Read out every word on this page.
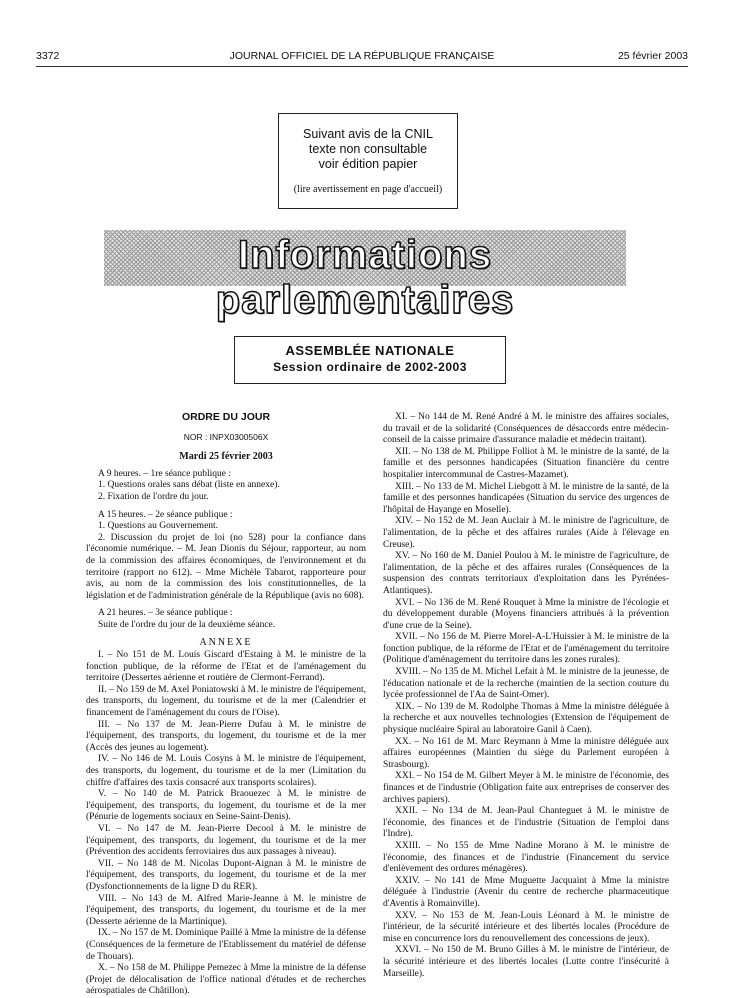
3372	JOURNAL OFFICIEL DE LA RÉPUBLIQUE FRANÇAISE	25 février 2003
Suivant avis de la CNIL
texte non consultable
voir édition papier
(lire avertissement en page d'accueil)
Informations parlementaires
ASSEMBLÉE NATIONALE
Session ordinaire de 2002-2003
ORDRE DU JOUR
NOR : INPX0300506X
Mardi 25 février 2003

A 9 heures. – 1re séance publique :

1. Questions orales sans débat (liste en annexe).

2. Fixation de l'ordre du jour.

A 15 heures. – 2e séance publique :

1. Questions au Gouvernement.

2. Discussion du projet de loi (no 528) pour la confiance dans l'économie numérique. – M. Jean Dionis du Séjour, rapporteur, au nom de la commission des affaires économiques, de l'environnement et du territoire (rapport no 612). – Mme Michèle Tabarot, rapporteure pour avis, au nom de la commission des lois constitutionnelles, de la législation et de l'administration générale de la République (avis no 608).

A 21 heures. – 3e séance publique :

Suite de l'ordre du jour de la deuxième séance.

ANNEXE

I. – No 151 de M. Louis Giscard d'Estaing à M. le ministre de la fonction publique, de la réforme de l'Etat et de l'aménagement du territoire (Dessertes aérienne et routière de Clermont-Ferrand).

II. – No 159 de M. Axel Poniatowski à M. le ministre de l'équipement, des transports, du logement, du tourisme et de la mer (Calendrier et financement de l'aménagement du cours de l'Oise).

III. – No 137 de M. Jean-Pierre Dufau à M. le ministre de l'équipement, des transports, du logement, du tourisme et de la mer (Accès des jeunes au logement).

IV. – No 146 de M. Louis Cosyns à M. le ministre de l'équipement, des transports, du logement, du tourisme et de la mer (Limitation du chiffre d'affaires des taxis consacré aux transports scolaires).

V. – No 140 de M. Patrick Braouezec à M. le ministre de l'équipement, des transports, du logement, du tourisme et de la mer (Pénurie de logements sociaux en Seine-Saint-Denis).

VI. – No 147 de M. Jean-Pierre Decool à M. le ministre de l'équipement, des transports, du logement, du tourisme et de la mer (Prévention des accidents ferroviaires dus aux passages à niveau).

VII. – No 148 de M. Nicolas Dupont-Aignan à M. le ministre de l'équipement, des transports, du logement, du tourisme et de la mer (Dysfonctionnements de la ligne D du RER).

VIII. – No 143 de M. Alfred Marie-Jeanne à M. le ministre de l'équipement, des transports, du logement, du tourisme et de la mer (Desserte aérienne de la Martinique).

IX. – No 157 de M. Dominique Paillé à Mme la ministre de la défense (Conséquences de la fermeture de l'Etablissement du matériel de défense de Thouars).

X. – No 158 de M. Philippe Pemezec à Mme la ministre de la défense (Projet de délocalisation de l'office national d'études et de recherches aérospatiales de Châtillon).

XI. – No 144 de M. René André à M. le ministre des affaires sociales, du travail et de la solidarité (Conséquences de désaccords entre médecin-conseil de la caisse primaire d'assurance maladie et médecin traitant).

XII. – No 138 de M. Philippe Folliot à M. le ministre de la santé, de la famille et des personnes handicapées (Situation financière du centre hospitalier intercommunal de Castres-Mazamet).

XIII. – No 133 de M. Michel Liebgott à M. le ministre de la santé, de la famille et des personnes handicapées (Situation du service des urgences de l'hôpital de Hayange en Moselle).

XIV. – No 152 de M. Jean Auclair à M. le ministre de l'agriculture, de l'alimentation, de la pêche et des affaires rurales (Aide à l'élevage en Creuse).

XV. – No 160 de M. Daniel Poulou à M. le ministre de l'agriculture, de l'alimentation, de la pêche et des affaires rurales (Conséquences de la suspension des contrats territoriaux d'exploitation dans les Pyrénées-Atlantiques).

XVI. – No 136 de M. René Rouquet à Mme la ministre de l'écologie et du développement durable (Moyens financiers attribués à la prévention d'une crue de la Seine).

XVII. – No 156 de M. Pierre Morel-A-L'Huissier à M. le ministre de la fonction publique, de la réforme de l'Etat et de l'aménagement du territoire (Politique d'aménagement du territoire dans les zones rurales).

XVIII. – No 135 de M. Michel Lefait à M. le ministre de la jeunesse, de l'éducation nationale et de la recherche (maintien de la section couture du lycée professionnel de l'Aa de Saint-Omer).

XIX. – No 139 de M. Rodolphe Thomas à Mme la ministre déléguée à la recherche et aux nouvelles technologies (Extension de l'équipement de physique nucléaire Spiral au laboratoire Ganil à Caen).

XX. – No 161 de M. Marc Reymann à Mme la ministre déléguée aux affaires européennes (Maintien du siège du Parlement européen à Strasbourg).

XXI. – No 154 de M. Gilbert Meyer à M. le ministre de l'économie, des finances et de l'industrie (Obligation faite aux entreprises de conserver des archives papiers).

XXII. – No 134 de M. Jean-Paul Chanteguet à M. le ministre de l'économie, des finances et de l'industrie (Situation de l'emploi dans l'Indre).

XXIII. – No 155 de Mme Nadine Morano à M. le ministre de l'économie, des finances et de l'industrie (Financement du service d'enlèvement des ordures ménagères).

XXIV. – No 141 de Mme Muguette Jacquaint à Mme la ministre déléguée à l'industrie (Avenir du centre de recherche pharmaceutique d'Aventis à Romainville).

XXV. – No 153 de M. Jean-Louis Léonard à M. le ministre de l'intérieur, de la sécurité intérieure et des libertés locales (Procédure de mise en concurrence lors du renouvellement des concessions de jeux).

XXVI. – No 150 de M. Bruno Gilles à M. le ministre de l'intérieur, de la sécurité intérieure et des libertés locales (Lutte contre l'insécurité à Marseille).
